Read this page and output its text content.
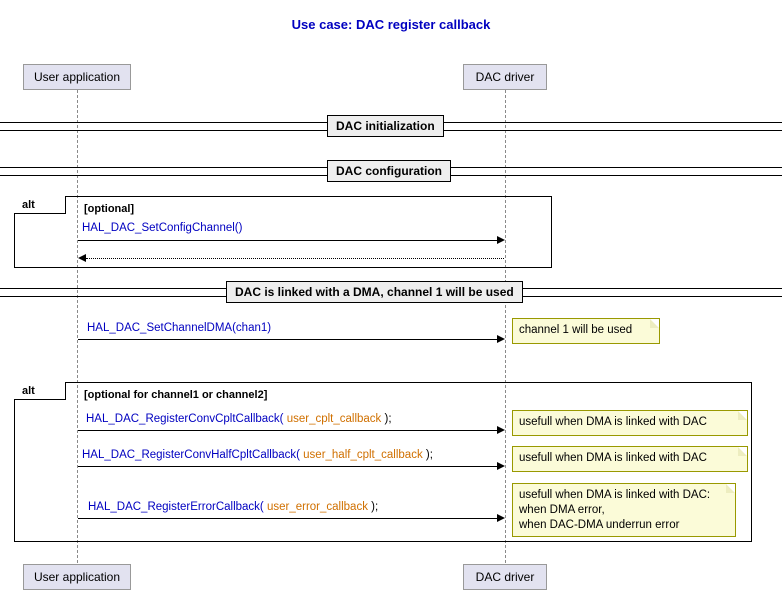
Use case: DAC register callback
User application	DAC driver
DAC initialization
DAC configuration
alt	[optional]
HAL_DAC_SetConfigChannel()
DAC is linked with a DMA, channel 1 will be used
HAL_DAC_SetChannelDMA(chan1)	channel 1 will be used
alt	[optional for channel1 or channel2]
HAL_DAC_RegisterConvCpltCallback( user_cplt_callback );	usefull when DMA is linked with DAC
HAL_DAC_RegisterConvHalfCpltCallback( user_half_cplt_callback );	usefull when DMA is linked with DAC
HAL_DAC_RegisterErrorCallback( user_error_callback );
usefull when DMA is linked with DAC:
when DMA error,
when DAC-DMA underrun error
User application	DAC driver
